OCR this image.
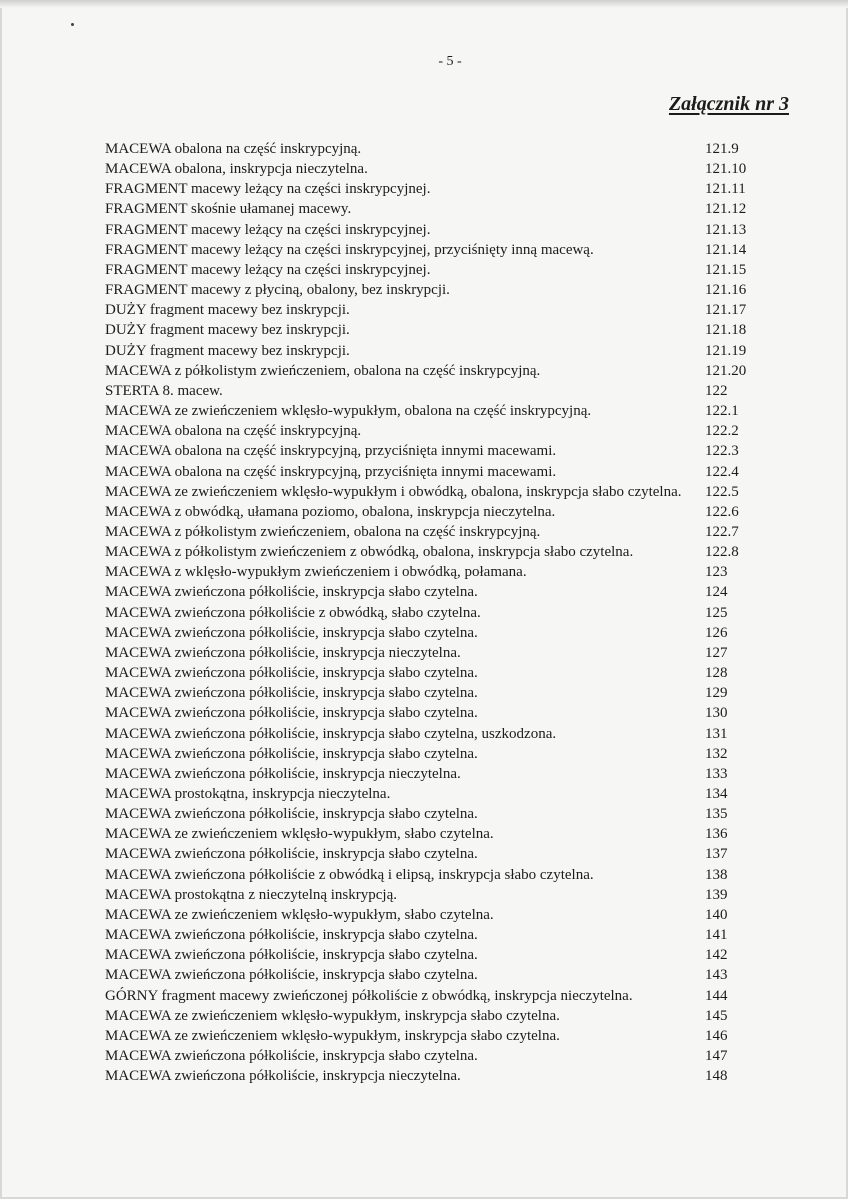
- 5 -
Załącznik nr 3
MACEWA obalona na część inskrypcyjną.	121.9
MACEWA obalona, inskrypcja nieczytelna.	121.10
FRAGMENT macewy leżący na części inskrypcyjnej.	121.11
FRAGMENT skośnie ułamanej macewy.	121.12
FRAGMENT macewy leżący na części inskrypcyjnej.	121.13
FRAGMENT macewy leżący na części inskrypcyjnej, przyciśnięty inną macewą.	121.14
FRAGMENT macewy leżący na części inskrypcyjnej.	121.15
FRAGMENT macewy z płyciną, obalony, bez inskrypcji.	121.16
DUŻY fragment macewy bez inskrypcji.	121.17
DUŻY fragment macewy bez inskrypcji.	121.18
DUŻY fragment macewy bez inskrypcji.	121.19
MACEWA z półkolistym zwieńczeniem, obalona na część inskrypcyjną.	121.20
STERTA 8. macew.	122
MACEWA ze zwieńczeniem wklęsło-wypukłym, obalona na część inskrypcyjną.	122.1
MACEWA obalona na część inskrypcyjną.	122.2
MACEWA obalona na część inskrypcyjną, przyciśnięta innymi macewami.	122.3
MACEWA obalona na część inskrypcyjną, przyciśnięta innymi macewami.	122.4
MACEWA ze zwieńczeniem wklęsło-wypukłym i obwódką, obalona, inskrypcja słabo czytelna.	122.5
MACEWA z obwódką, ułamana poziomo, obalona, inskrypcja nieczytelna.	122.6
MACEWA z półkolistym zwieńczeniem, obalona na część inskrypcyjną.	122.7
MACEWA z półkolistym zwieńczeniem z obwódką, obalona, inskrypcja słabo czytelna.	122.8
MACEWA z wklęsło-wypukłym zwieńczeniem i obwódką, połamana.	123
MACEWA zwieńczona półkoliście, inskrypcja słabo czytelna.	124
MACEWA zwieńczona półkoliście z obwódką, słabo czytelna.	125
MACEWA zwieńczona półkoliście, inskrypcja słabo czytelna.	126
MACEWA zwieńczona półkoliście, inskrypcja nieczytelna.	127
MACEWA zwieńczona półkoliście, inskrypcja słabo czytelna.	128
MACEWA zwieńczona półkoliście, inskrypcja słabo czytelna.	129
MACEWA zwieńczona półkoliście, inskrypcja słabo czytelna.	130
MACEWA zwieńczona półkoliście, inskrypcja słabo czytelna, uszkodzona.	131
MACEWA zwieńczona półkoliście, inskrypcja słabo czytelna.	132
MACEWA zwieńczona półkoliście, inskrypcja nieczytelna.	133
MACEWA prostokątna, inskrypcja nieczytelna.	134
MACEWA zwieńczona półkoliście, inskrypcja słabo czytelna.	135
MACEWA ze zwieńczeniem wklęsło-wypukłym, słabo czytelna.	136
MACEWA zwieńczona półkoliście, inskrypcja słabo czytelna.	137
MACEWA zwieńczona półkoliście z obwódką i elipsą, inskrypcja słabo czytelna.	138
MACEWA prostokątna z nieczytelną inskrypcją.	139
MACEWA ze zwieńczeniem wklęsło-wypukłym, słabo czytelna.	140
MACEWA zwieńczona półkoliście, inskrypcja słabo czytelna.	141
MACEWA zwieńczona półkoliście, inskrypcja słabo czytelna.	142
MACEWA zwieńczona półkoliście, inskrypcja słabo czytelna.	143
GÓRNY fragment macewy zwieńczonej półkoliście z obwódką, inskrypcja nieczytelna.	144
MACEWA ze zwieńczeniem wklęsło-wypukłym, inskrypcja słabo czytelna.	145
MACEWA ze zwieńczeniem wklęsło-wypukłym, inskrypcja słabo czytelna.	146
MACEWA zwieńczona półkoliście, inskrypcja słabo czytelna.	147
MACEWA zwieńczona półkoliście, inskrypcja nieczytelna.	148
